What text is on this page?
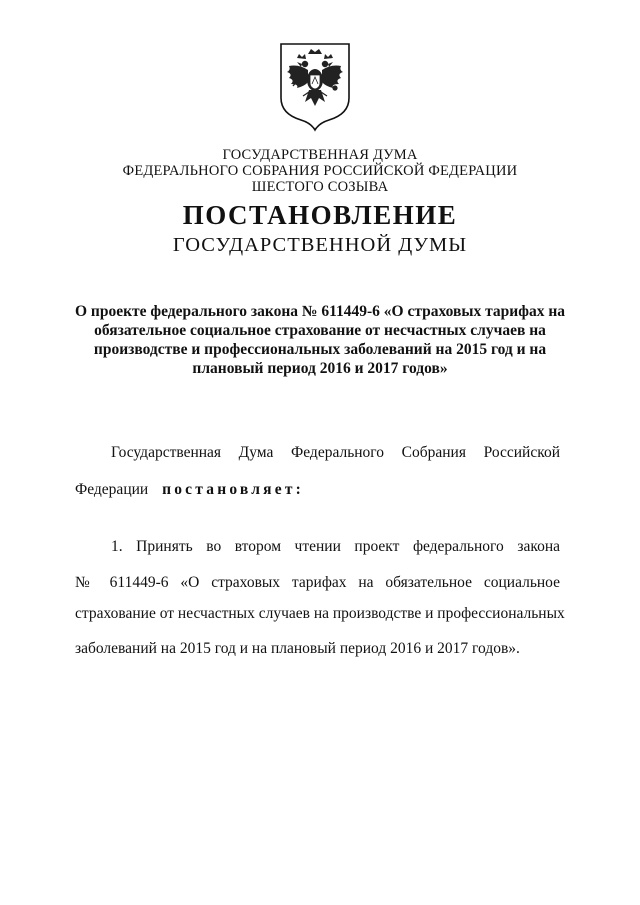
ГОСУДАРСТВЕННАЯ ДУМА
ФЕДЕРАЛЬНОГО СОБРАНИЯ РОССИЙСКОЙ ФЕДЕРАЦИИ
ШЕСТОГО СОЗЫВА
ПОСТАНОВЛЕНИЕ
ГОСУДАРСТВЕННОЙ ДУМЫ
О проекте федерального закона № 611449-6 «О страховых тарифах на
обязательное социальное страхование от несчастных случаев на
производстве и профессиональных заболеваний на 2015 год и на
плановый период 2016 и 2017 годов»
Государственная Дума Федерального Собрания Российской
Федерации постановляет:
1. Принять во втором чтении проект федерального закона
№ 611449-6 «О страховых тарифах на обязательное социальное
страхование от несчастных случаев на производстве и профессиональных
заболеваний на 2015 год и на плановый период 2016 и 2017 годов».
